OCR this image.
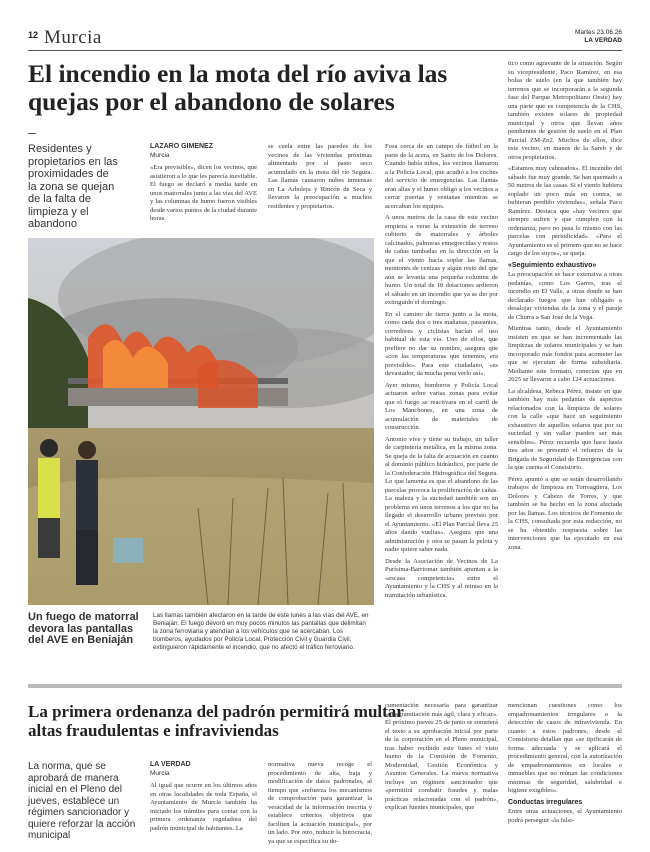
12 Murcia	Martes 23.06.26
LA VERDAD
El incendio en la mota del río aviva las quejas por el abandono de solares
Residentes y propietarios en las proximidades de la zona se quejan de la falta de limpieza y el abandono
LÁZARO GIMÉNEZ
Murcia
«Era previsible», dicen los vecinos, que asistieron a lo que les parecía inevitable. El fuego se declaró a media tarde en unos matorrales junto a las vías del AVE y las columnas de humo fueron visibles desde varios puntos de la ciudad durante horas.
se cuela entre las paredes de los vecinos de las viviendas próximas alimentado por el pasto seco acumulado en la mota del río Segura. Las llamas causaron nubes inmensas en La Arboleja y Rincón de Seca y llevaron la preocupación a muchos residentes y propietarios.
Fosa cerca de un campo de fútbol en la parte de la acera, en Santo de los Dolores. Cuando había niños, los vecinos llamaron a la Policía Local, que acudió a los coches del servicio de emergencias. Las llamas eran altas y el humo obligó a los vecinos a cerrar puertas y ventanas mientras se acercaban los equipos.
A unos metros de la casa de este vecino empieza a verse la extensión de terreno cubierto de matorrales y árboles calcinados, palmeras ennegrecidas y restos de cañas tumbadas en la dirección en la que el viento hacía soplar las llamas, montones de cenizas y algún resto del que aún se levanta una pequeña columna de humo. Un total de 18 dotaciones ardieron el sábado en un incendio que ya se dio por extinguido el domingo.
En el camino de tierra junto a la mota, como cada dos o tres mañanas, paseantes, corredores y ciclistas hacían el uso habitual de esta vía. Uno de ellos, que prefiere no dar su nombre, asegura que «con las temperaturas que tenemos, era previsible». Para este ciudadano, «es devastador, da mucha pena verlo así».
Ayer mismo, bomberos y Policía Local actuaron sobre varias zonas para evitar que el fuego se reactivara en el carril de Los Manchones, en una zona de acumulación de materiales de construcción.
Antonio vive y tiene su trabajo, un taller de carpintería metálica, en la misma zona. Se queja de la falta de actuación en cuanto al dominio público hidráulico, por parte de la Confederación Hidrográfica del Segura. Lo que lamenta es que el abandono de las parcelas provoca la proliferación de cañas. La maleza y la suciedad también son un problema en unos terrenos a los que no ha llegado el desarrollo urbano previsto por el Ayuntamiento. «El Plan Parcial lleva 25 años dando vueltas». Asegura que una administración y otra se pasan la pelota y nadie quiere saber nada.
Desde la Asociación de Vecinos de La Purísima-Barriomar también apuntan a la «escasa competencia» entre el Ayuntamiento y la CHS y al retraso en la tramitación urbanística.
tico como agravante de la situación. Según su vicepresidente, Paco Ramírez, en esa bolsa de suelo (en la que también hay terrenos que se incorporarán a la segunda fase del Parque Metropolitano Oeste) hay una parte que es competencia de la CHS, también existen solares de propiedad municipal y otros que llevan años pendientes de gestión de suelo en el Plan Parcial ZM-Zn2. Muchos de ellos, dice este vecino, en manos de la Sareb y de otros propietarios.
«Estamos muy cabreados». El incendio del sábado fue muy grande. Se han quemado a 50 metros de las casas. Si el viento hubiera soplado un poco más en contra, se hubieran perdido viviendas», señala Paco Ramírez. Destaca que «hay vecinos que siempre sufren y que cumplen con la ordenanza, pero no pasa lo mismo con las parcelas con periodicidad». «Para el Ayuntamiento es el primero que no se hace cargo de los suyos», se queja.
«Seguimiento exhaustivo»
La preocupación se hace extensiva a otras pedanías, como Los Garres, tras el incendio en El Valle, a otras donde se han declarado fuegos que han obligado a desalojar viviendas de la zona y el paraje de Churra a San José de la Vega.
Mientras tanto, desde el Ayuntamiento insisten en que se han incrementado las limpiezas de solares municipales y se han incorporado más fondos para acometer las que se ejecutan de forma subsidiaria. Mediante este formato, conectan que en 2025 se llevaron a cabo 124 actuaciones.
La alcaldesa, Rebeca Pérez, insiste en que también hay más pedanías de aspectos relacionados con la limpieza de solares con la calle «que hace un seguimiento exhaustivo de aquellos solares que por su suciedad y sin vallar pueden ser más sensibles». Pérez recuerda que hace hasta tres años se presentó el refuerzo de la Brigada de Seguridad de Emergencias con la que cuenta el Consistorio.
Pérez apuntó a que se están desarrollando trabajos de limpieza en Torreagüera, Los Dolores y Cabezo de Torres, y que también se ha hecho en la zona afectada por las llamas. Los técnicos de Fomento de la CHS, consultada por esta redacción, no se ha obtenido respuesta sobre las intervenciones que ha ejecutado en esa zona.
Un fuego de matorral devora las pantallas del AVE en Beniaján
Las llamas también afectaron en la tarde de este lunes a las vías del AVE, en Beniaján. El fuego devoró en muy pocos minutos las pantallas que delimitan la zona ferroviaria y atendían a los vehículos que se acercaban. Los bomberos, ayudados por Policía Local, Protección Civil y Guardia Civil, extinguieron rápidamente el incendio, que no afectó el tráfico ferroviario.
La primera ordenanza del padrón permitirá multar altas fraudulentas e infraviviendas
La norma, que se aprobará de manera inicial en el Pleno del jueves, establece un régimen sancionador y quiere reforzar la acción municipal
LA VERDAD
Murcia
Al igual que ocurre en los últimos años en otras localidades de toda España, el Ayuntamiento de Murcia también ha iniciado los trámites para contar con la primera ordenanza reguladora del padrón municipal de habitantes. La
normativa nueva recoge el procedimiento de alta, baja y modificación de datos padronales, al tiempo que «refuerza los mecanismos de comprobación para garantizar la veracidad de la información inscrita y establece criterios objetivos que faciliten la actuación municipal», por un lado. Por otro, reducir la burocracia, ya que se especifica su do-
cumentación necesaria para garantizar «una tramitación más ágil, clara y eficaz». El próximo jueves 25 de junio se someterá el texto a su aprobación inicial por parte de la corporación en el Pleno municipal, tras haber recibido este lunes el visto bueno de la Comisión de Fomento, Modernidad, Gestión Económica y Asuntos Generales. La nueva normativa incluye un régimen sancionador que «permitirá combatir fraudes y malas prácticas relacionadas con el padrón», explican fuentes municipales, que
mencionan cuestiones como los empadronamientos irregulares o la detección de casos de infravivienda. En cuanto a estos padrones, desde el Consistorio detallan que «se tipificarán de forma adecuada y se aplicará el procedimiento general, con la autorización de empadronamientos en locales o inmuebles que no reúnan las condiciones mínimas de seguridad, salubridad e higiene exigibles».
Conductas irregulares
Entre otras actuaciones, el Ayuntamiento podrá perseguir «la falsi-
